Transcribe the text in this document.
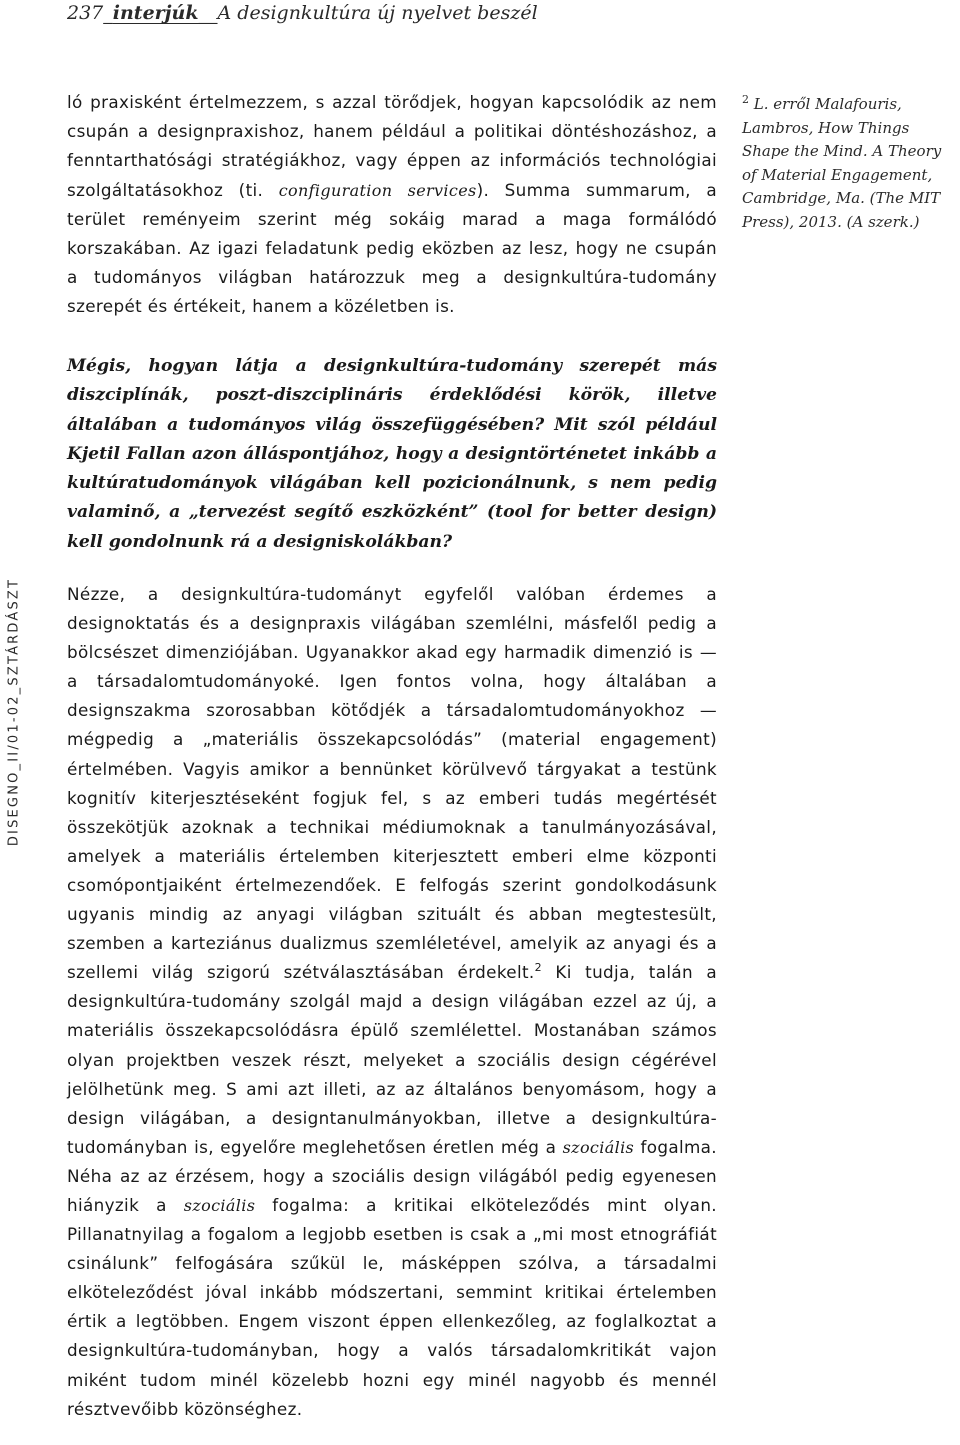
237_interjúk__A designkultúra új nyelvet beszél

ló praxisként értelmezzem, s azzal törődjek, hogyan kapcsolódik az nem csupán a designpraxishoz, hanem például a politikai döntéshozáshoz, a fenntarthatósági stratégiákhoz, vagy éppen az információs technológiai szolgáltatásokhoz (ti. configuration services). Summa summarum, a terület reményeim szerint még sokáig marad a maga formálódó korszakában. Az igazi feladatunk pedig eközben az lesz, hogy ne csupán a tudományos világban határozzuk meg a designkultúra-tudomány szerepét és értékeit, hanem a közéletben is.

$^2$ L. erről Malafouris, Lambros, How Things Shape the Mind. A Theory of Material Engagement, Cambridge, Ma. (The MIT Press), 2013. (A szerk.)

Mégis, hogyan látja a designkultúra-tudomány szerepét más diszciplínák, poszt-diszciplináris érdeklődési körök, illetve általában a tudományos világ összefüggésében? Mit szól például Kjetil Fallan azon álláspontjához, hogy a designtörténetet inkább a kultúratudományok világában kell pozicionálnunk, s nem pedig valaminő, a „tervezést segítő eszközként” (tool for better design) kell gondolnunk rá a designiskolákban?

Nézze, a designkultúra-tudományt egyfelől valóban érdemes a designoktatás és a designpraxis világában szemlélni, másfelől pedig a bölcsészet dimenziójában. Ugyanakkor akad egy harmadik dimenzió is — a társadalomtudományoké. Igen fontos volna, hogy általában a designszakma szorosabban kötődjék a társadalomtudományokhoz — mégpedig a „materiális összekapcsolódás” (material engagement) értelmében. Vagyis amikor a bennünket körülvevő tárgyakat a testünk kognitív kiterjesztéseként fogjuk fel, s az emberi tudás megértését összekötjük azoknak a technikai médiumoknak a tanulmányozásával, amelyek a materiális értelemben kiterjesztett emberi elme központi csomópontjaiként értelmezendőek. E felfogás szerint gondolkodásunk ugyanis mindig az anyagi világban szituált és abban megtestesült, szemben a karteziánus dualizmus szemléletével, amelyik az anyagi és a szellemi világ szigorú szétválasztásában érdekelt.$^2$ Ki tudja, talán a designkultúra-tudomány szolgál majd a design világában ezzel az új, a materiális összekapcsolódásra épülő szemlélettel. Mostanában számos olyan projektben veszek részt, melyeket a szociális design cégérével jelölhetünk meg. S ami azt illeti, az az általános benyomásom, hogy a design világában, a designtanulmányokban, illetve a designkultúra-tudományban is, egyelőre meglehetősen éretlen még a szociális fogalma. Néha az az érzésem, hogy a szociális design világából pedig egyenesen hiányzik a szociális fogalma: a kritikai elköteleződés mint olyan. Pillanatnyilag a fogalom a legjobb esetben is csak a „mi most etnográfiát csinálunk” felfogására szűkül le, másképpen szólva, a társadalmi elköteleződést jóval inkább módszertani, semmint kritikai értelemben értik a legtöbben. Engem viszont éppen ellenkezőleg, az foglalkoztat a designkultúra-tudományban, hogy a valós társadalomkritikát vajon miként tudom minél közelebb hozni egy minél nagyobb és mennél résztvevőibb közönséghez.

DISEGNO_II/01-02_SZTÁRDÁSZT
